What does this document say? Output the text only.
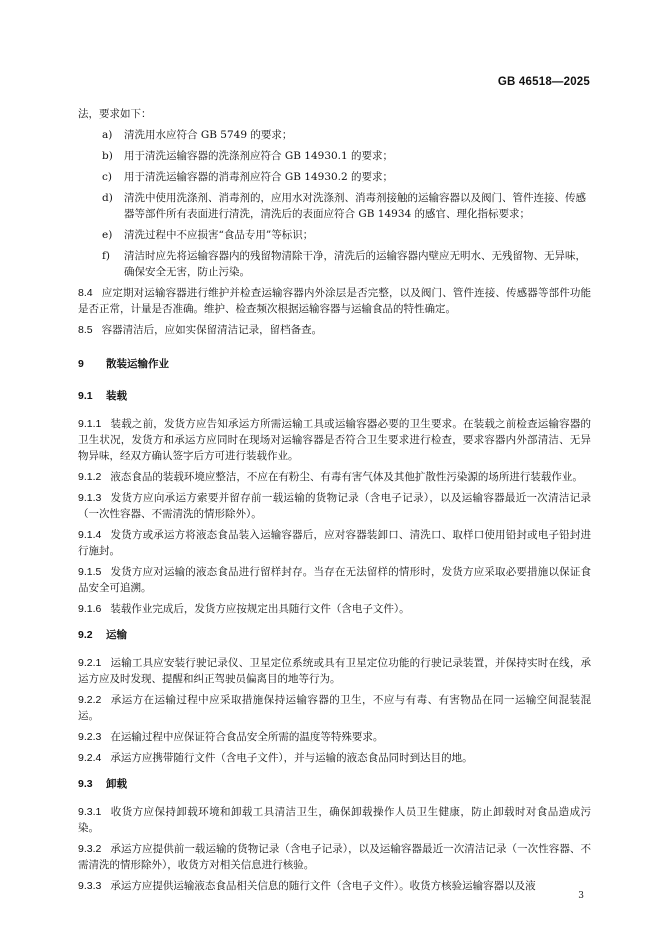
GB 46518—2025

法，要求如下：

a) 清洗用水应符合 GB 5749 的要求；
b) 用于清洗运输容器的洗涤剂应符合 GB 14930.1 的要求；
c) 用于清洗运输容器的消毒剂应符合 GB 14930.2 的要求；
d) 清洗中使用洗涤剂、消毒剂的，应用水对洗涤剂、消毒剂接触的运输容器以及阀门、管件连接、传感器等部件所有表面进行清洗，清洗后的表面应符合 GB 14934 的感官、理化指标要求；
e) 清洗过程中不应损害“食品专用”等标识；
f) 清洁时应先将运输容器内的残留物清除干净，清洗后的运输容器内壁应无明水、无残留物、无异味，确保安全无害，防止污染。

8.4 应定期对运输容器进行维护并检查运输容器内外涂层是否完整，以及阀门、管件连接、传感器等部件功能是否正常，计量是否准确。维护、检查频次根据运输容器与运输食品的特性确定。

8.5 容器清洁后，应如实保留清洁记录，留档备查。

9 散装运输作业

9.1 装载

9.1.1 装载之前，发货方应告知承运方所需运输工具或运输容器必要的卫生要求。在装载之前检查运输容器的卫生状况，发货方和承运方应同时在现场对运输容器是否符合卫生要求进行检查，要求容器内外部清洁、无异物异味，经双方确认签字后方可进行装载作业。

9.1.2 液态食品的装载环境应整洁，不应在有粉尘、有毒有害气体及其他扩散性污染源的场所进行装载作业。

9.1.3 发货方应向承运方索要并留存前一载运输的货物记录（含电子记录），以及运输容器最近一次清洁记录（一次性容器、不需清洗的情形除外）。

9.1.4 发货方或承运方将液态食品装入运输容器后，应对容器装卸口、清洗口、取样口使用铅封或电子铅封进行施封。

9.1.5 发货方应对运输的液态食品进行留样封存。当存在无法留样的情形时，发货方应采取必要措施以保证食品安全可追溯。

9.1.6 装载作业完成后，发货方应按规定出具随行文件（含电子文件）。

9.2 运输

9.2.1 运输工具应安装行驶记录仪、卫星定位系统或具有卫星定位功能的行驶记录装置，并保持实时在线，承运方应及时发现、提醒和纠正驾驶员偏离目的地等行为。

9.2.2 承运方在运输过程中应采取措施保持运输容器的卫生，不应与有毒、有害物品在同一运输空间混装混运。

9.2.3 在运输过程中应保证符合食品安全所需的温度等特殊要求。

9.2.4 承运方应携带随行文件（含电子文件），并与运输的液态食品同时到达目的地。

9.3 卸载

9.3.1 收货方应保持卸载环境和卸载工具清洁卫生，确保卸载操作人员卫生健康，防止卸载时对食品造成污染。

9.3.2 承运方应提供前一载运输的货物记录（含电子记录），以及运输容器最近一次清洁记录（一次性容器、不需清洗的情形除外），收货方对相关信息进行核验。

9.3.3 承运方应提供运输液态食品相关信息的随行文件（含电子文件）。收货方核验运输容器以及液

3
